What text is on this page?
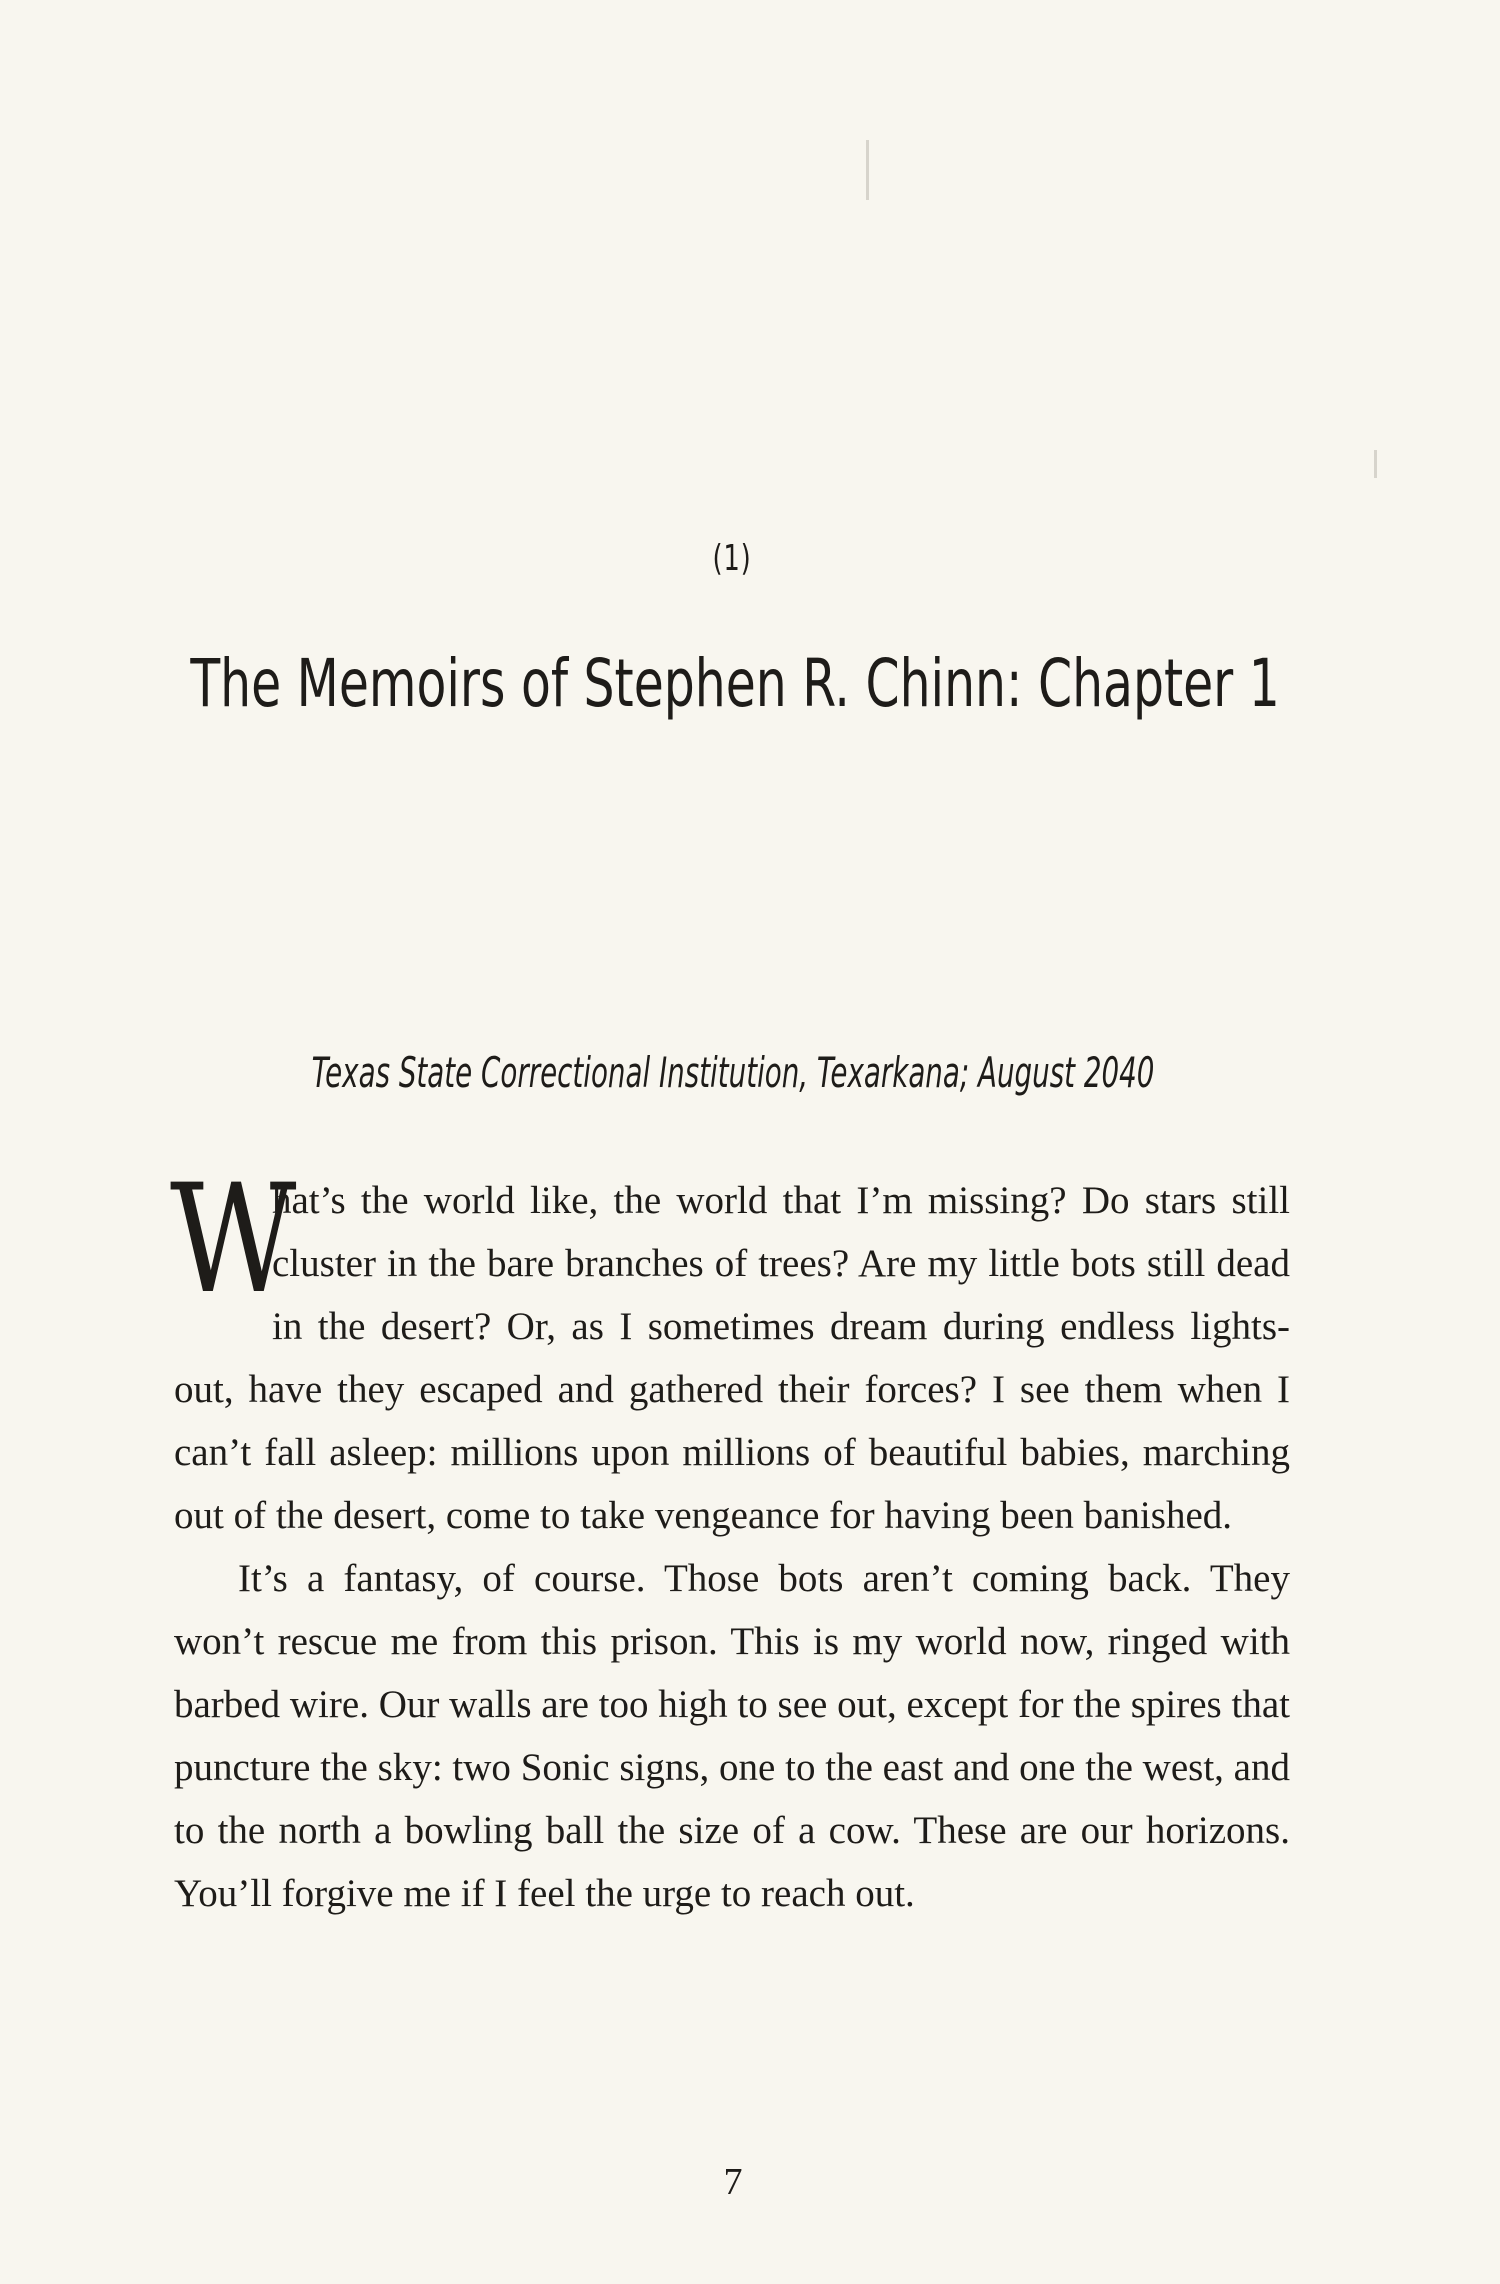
(1)
The Memoirs of Stephen R. Chinn: Chapter 1
Texas State Correctional Institution, Texarkana; August 2040

W
hat’s the world like, the world that I’m missing? Do stars still cluster in the bare branches of trees? Are my little bots still dead in the desert? Or, as I sometimes dream during endless lights-out, have they escaped and gathered their forces? I see them when I can’t fall asleep: millions upon millions of beautiful babies, marching out of the desert, come to take vengeance for having been banished.

It’s a fantasy, of course. Those bots aren’t coming back. They won’t rescue me from this prison. This is my world now, ringed with barbed wire. Our walls are too high to see out, except for the spires that puncture the sky: two Sonic signs, one to the east and one the west, and to the north a bowling ball the size of a cow. These are our horizons. You’ll forgive me if I feel the urge to reach out.

7
